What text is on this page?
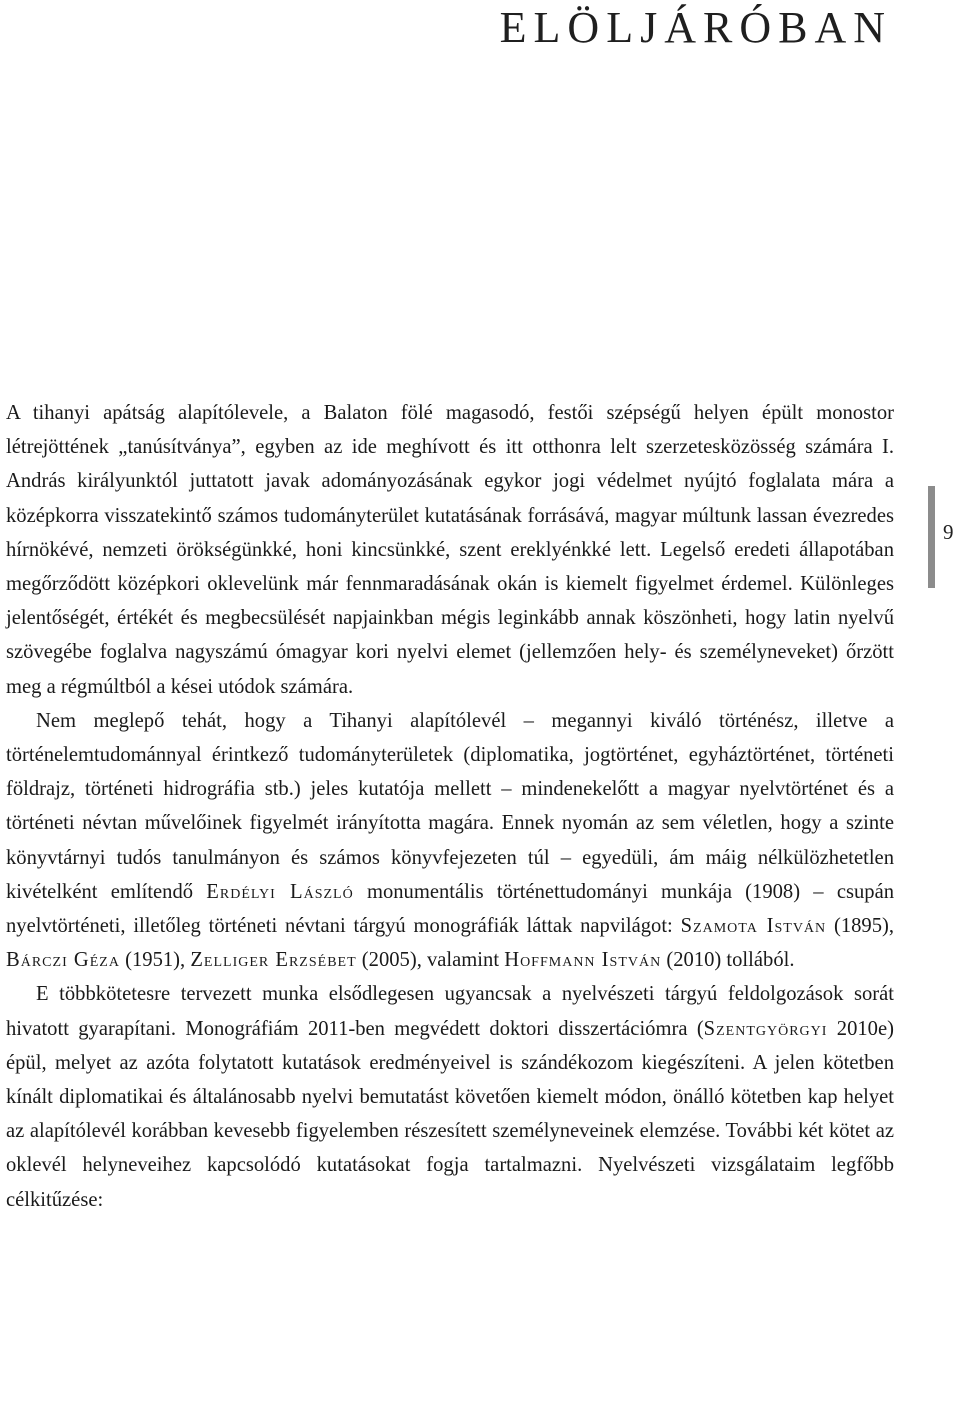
ELÖLJÁRÓBAN
9

A tihanyi apátság alapítólevele, a Balaton fölé magasodó, festői szépségű helyen épült monostor létrejöttének „tanúsítványa”, egyben az ide meghívott és itt otthonra lelt szerzetesközösség számára I. András királyunktól juttatott javak adományozásának egykor jogi védelmet nyújtó foglalata mára a középkorra visszatekintő számos tudományterület kutatásának forrásává, magyar múltunk lassan évezredes hírnökévé, nemzeti örökségünkké, honi kincsünkké, szent ereklyénkké lett. Legelső eredeti állapotában megőrződött középkori oklevelünk már fennmaradásának okán is kiemelt figyelmet érdemel. Különleges jelentőségét, értékét és megbecsülését napjainkban mégis leginkább annak köszönheti, hogy latin nyelvű szövegébe foglalva nagyszámú ómagyar kori nyelvi elemet (jellemzően hely- és személyneveket) őrzött meg a régmúltból a kései utódok számára.

Nem meglepő tehát, hogy a Tihanyi alapítólevél – megannyi kiváló történész, illetve a történelemtudománnyal érintkező tudományterületek (diplomatika, jogtörténet, egyháztörténet, történeti földrajz, történeti hidrográfia stb.) jeles kutatója mellett – mindenekelőtt a magyar nyelvtörténet és a történeti névtan művelőinek figyelmét irányította magára. Ennek nyomán az sem véletlen, hogy a szinte könyvtárnyi tudós tanulmányon és számos könyvfejezeten túl – egyedüli, ám máig nélkülözhetetlen kivételként említendő Erdélyi László monumentális történettudományi munkája (1908) – csupán nyelvtörténeti, illetőleg történeti névtani tárgyú monográfiák láttak napvilágot: Szamota István (1895), Bárczi Géza (1951), Zelliger Erzsébet (2005), valamint Hoffmann István (2010) tollából.

E többkötetesre tervezett munka elsődlegesen ugyancsak a nyelvészeti tárgyú feldolgozások sorát hivatott gyarapítani. Monográfiám 2011-ben megvédett doktori disszertációmra (Szentgyörgyi 2010e) épül, melyet az azóta folytatott kutatások eredményeivel is szándékozom kiegészíteni. A jelen kötetben kínált diplomatikai és általánosabb nyelvi bemutatást követően kiemelt módon, önálló kötetben kap helyet az alapítólevél korábban kevesebb figyelemben részesített személyneveinek elemzése. További két kötet az oklevél helyneveihez kapcsolódó kutatásokat fogja tartalmazni. Nyelvészeti vizsgálataim legfőbb célkitűzése:
